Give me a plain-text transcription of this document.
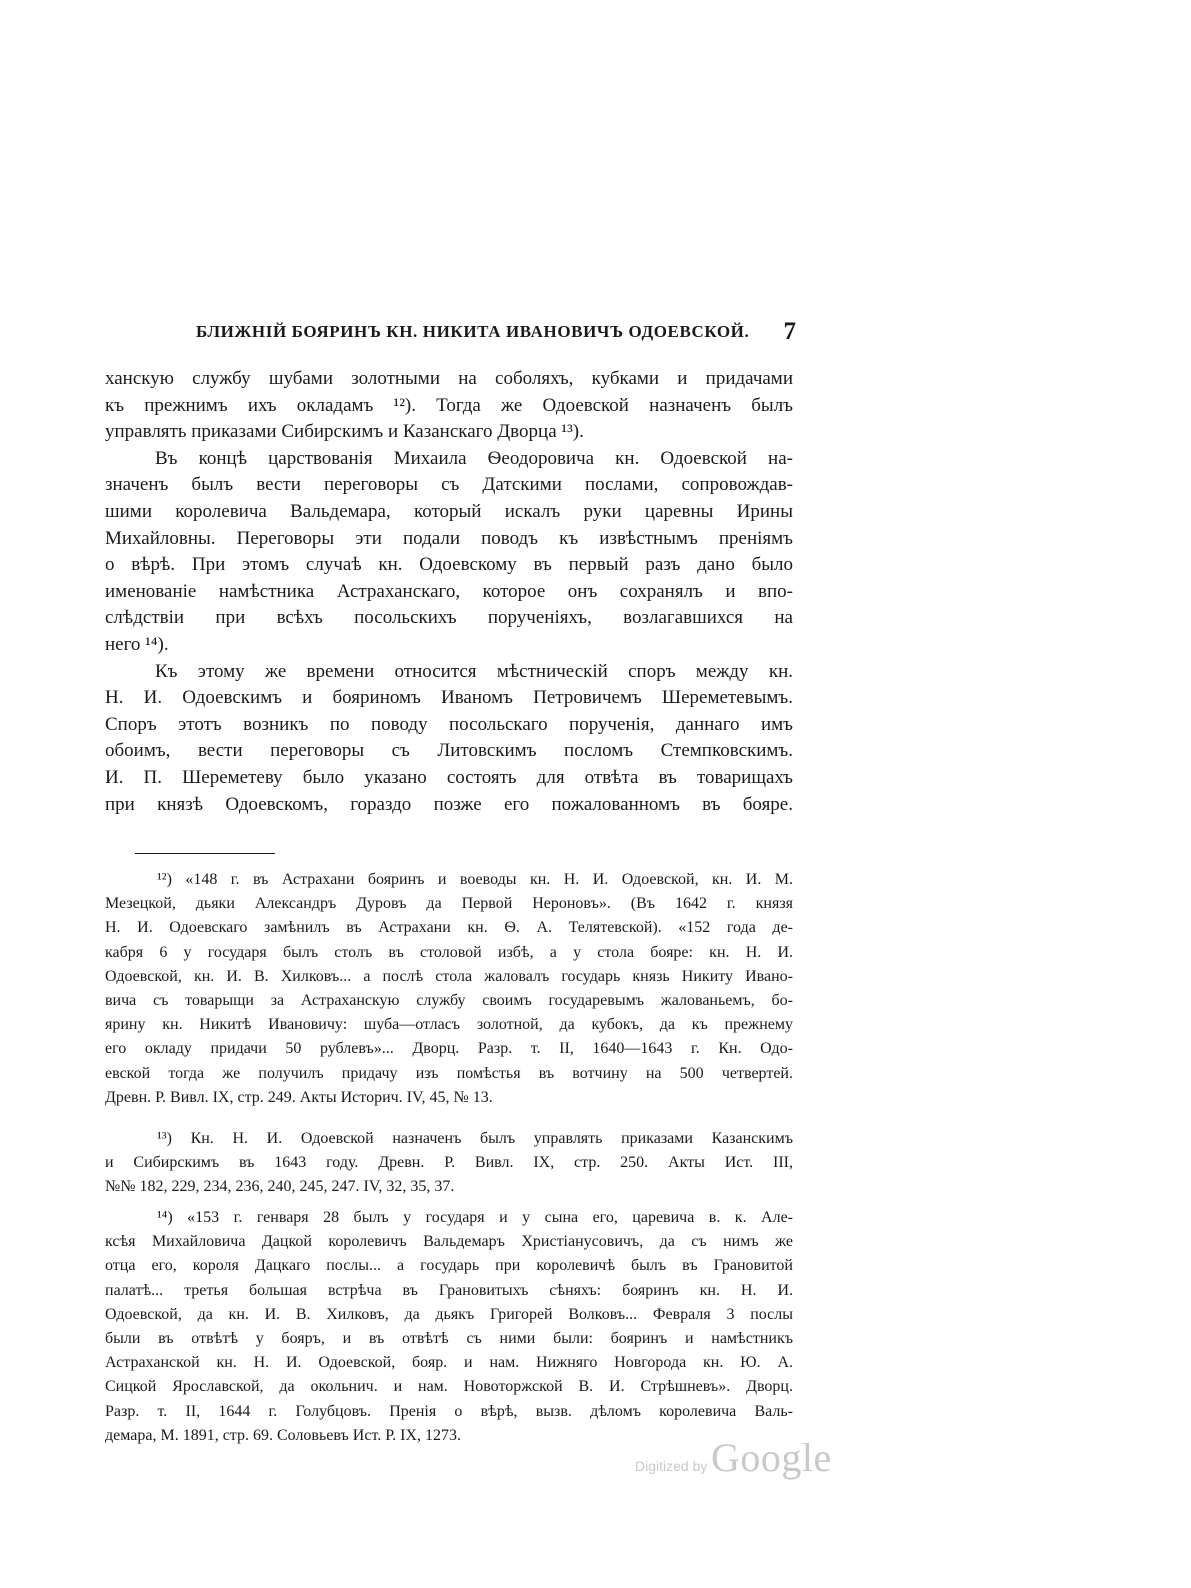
БЛИЖНІЙ БОЯРИНЪ КН. НИКИТА ИВАНОВИЧЪ ОДОЕВСКОЙ. 7
ханскую службу шубами золотными на соболяхъ, кубками и придачами
къ прежнимъ ихъ окладамъ ¹²). Тогда же Одоевской назначенъ былъ
управлять приказами Сибирскимъ и Казанскаго Дворца ¹³).
Въ концѣ царствованія Михаила Ѳеодоровича кн. Одоевской на-
значенъ былъ вести переговоры съ Датскими послами, сопровождав-
шими королевича Вальдемара, который искалъ руки царевны Ирины
Михайловны. Переговоры эти подали поводъ къ извѣстнымъ преніямъ
о вѣрѣ. При этомъ случаѣ кн. Одоевскому въ первый разъ дано было
именованіе намѣстника Астраханскаго, которое онъ сохранялъ и впо-
слѣдствіи при всѣхъ посольскихъ порученіяхъ, возлагавшихся на
него ¹⁴).
Къ этому же времени относится мѣстническій споръ между кн.
Н. И. Одоевскимъ и бояриномъ Иваномъ Петровичемъ Шереметевымъ.
Споръ этотъ возникъ по поводу посольскаго порученія, даннаго имъ
обоимъ, вести переговоры съ Литовскимъ посломъ Стемпковскимъ.
И. П. Шереметеву было указано состоять для отвѣта въ товарищахъ
при князѣ Одоевскомъ, гораздо позже его пожалованномъ въ бояре.
¹²) «148 г. въ Астрахани бояринъ и воеводы кн. Н. И. Одоевской, кн. И. М.
Мезецкой, дьяки Александръ Дуровъ да Первой Нероновъ». (Въ 1642 г. князя
Н. И. Одоевскаго замѣнилъ въ Астрахани кн. Ѳ. А. Телятевской). «152 года де-
кабря 6 у государя былъ столъ въ столовой избѣ, а у стола бояре: кн. Н. И.
Одоевской, кн. И. В. Хилковъ... а послѣ стола жаловалъ государь князь Никиту Ивано-
вича съ товарыщи за Астраханскую службу своимъ государевымъ жалованьемъ, бо-
ярину кн. Никитѣ Ивановичу: шуба—отласъ золотной, да кубокъ, да къ прежнему
его окладу придачи 50 рублевъ»... Дворц. Разр. т. II, 1640—1643 г. Кн. Одо-
евской тогда же получилъ придачу изъ помѣстья въ вотчину на 500 четвертей.
Древн. Р. Вивл. IX, стр. 249. Акты Историч. IV, 45, № 13.
¹³) Кн. Н. И. Одоевской назначенъ былъ управлять приказами Казанскимъ
и Сибирскимъ въ 1643 году. Древн. Р. Вивл. IX, стр. 250. Акты Ист. III,
№№ 182, 229, 234, 236, 240, 245, 247. IV, 32, 35, 37.
¹⁴) «153 г. генваря 28 былъ у государя и у сына его, царевича в. к. Але-
ксѣя Михайловича Дацкой королевичъ Вальдемаръ Христіанусовичъ, да съ нимъ же
отца его, короля Дацкаго послы... а государь при королевичѣ былъ въ Грановитой
палатѣ... третья большая встрѣча въ Грановитыхъ сѣняхъ: бояринъ кн. Н. И.
Одоевской, да кн. И. В. Хилковъ, да дьякъ Григорей Волковъ... Февраля 3 послы
были въ отвѣтѣ у бояръ, и въ отвѣтѣ съ ними были: бояринъ и намѣстникъ
Астраханской кн. Н. И. Одоевской, бояр. и нам. Нижняго Новгорода кн. Ю. А.
Сицкой Ярославской, да окольнич. и нам. Новоторжской В. И. Стрѣшневъ». Дворц.
Разр. т. II, 1644 г. Голубцовъ. Пренія о вѣрѣ, вызв. дѣломъ королевича Валь-
демара, М. 1891, стр. 69. Соловьевъ Ист. Р. IX, 1273.
Digitized by Google
